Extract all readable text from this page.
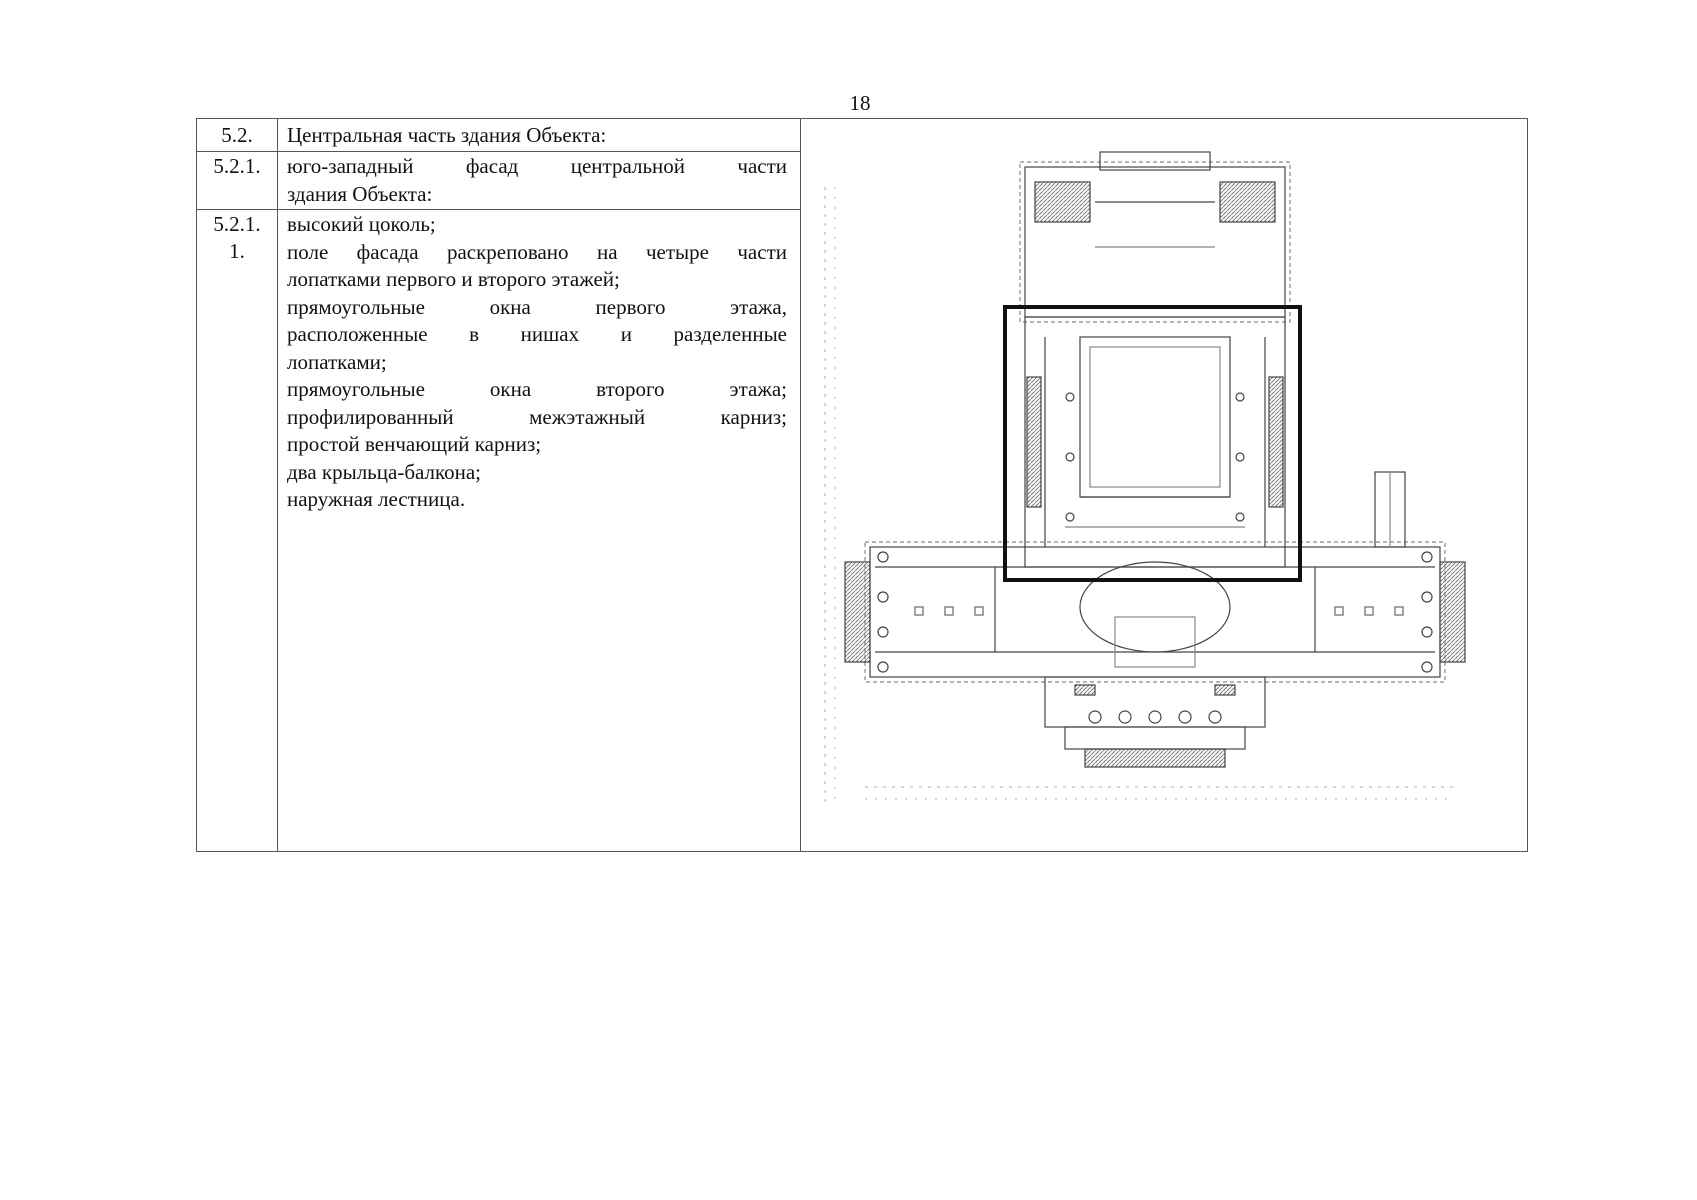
18
5.2.	Центральная часть здания Объекта:
5.2.1.	юго-западный фасад центральной части
здания Объекта:
5.2.1.
1.

высокий цоколь;

поле фасада раскреповано на четыре части
лопатками первого и второго этажей;

прямоугольные окна первого этажа,
расположенные в нишах и разделенные
лопатками;

прямоугольные окна второго этажа;
профилированный межэтажный карниз;
простой венчающий карниз;

два крыльца-балкона;

наружная лестница.
